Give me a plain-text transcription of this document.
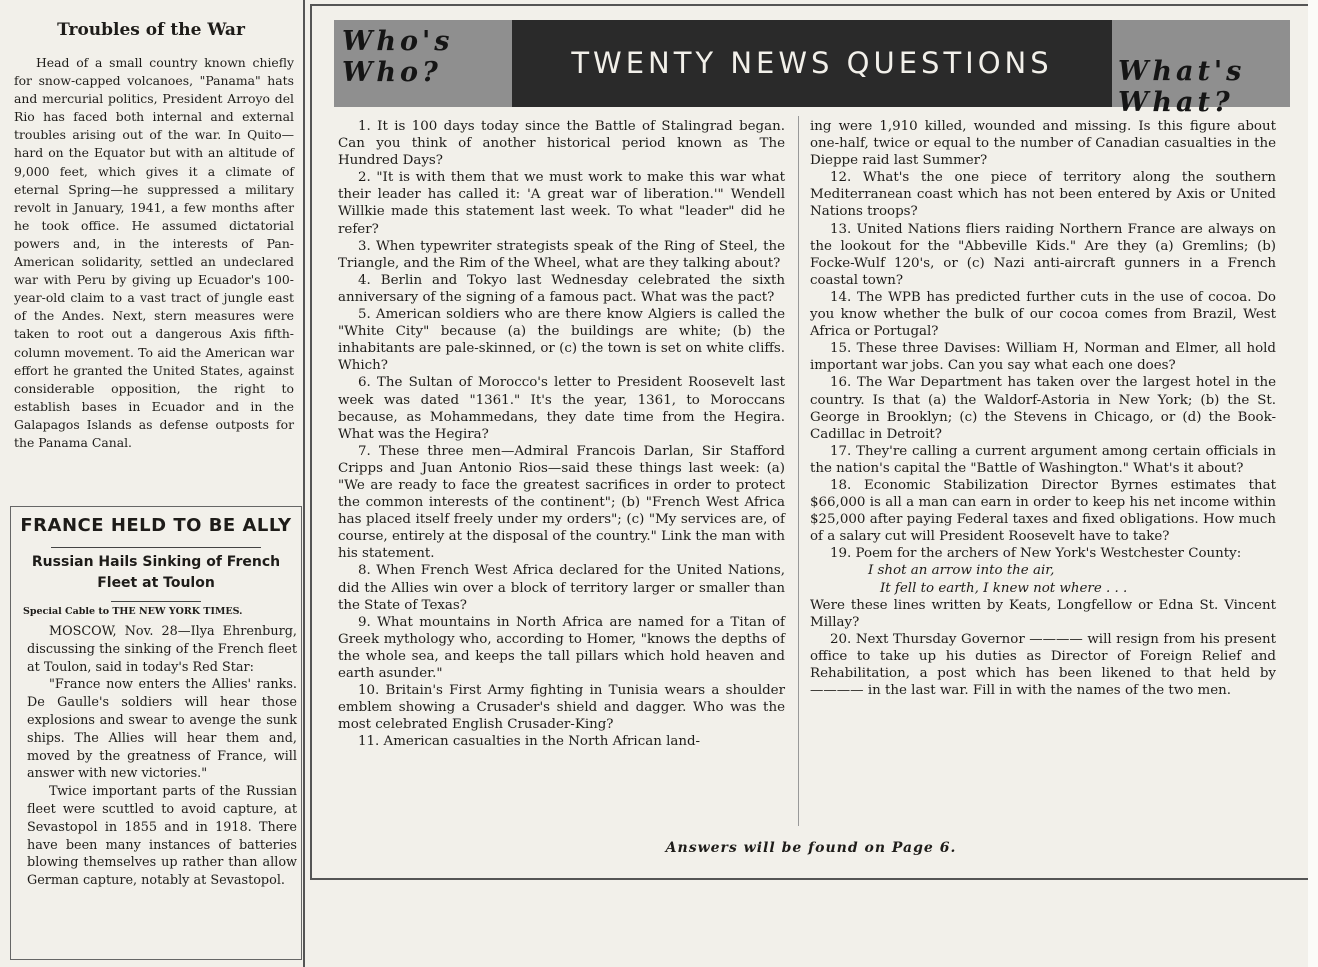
Troubles of the War
Head of a small country known chiefly for snow-capped volcanoes, "Panama" hats and mercurial politics, President Arroyo del Rio has faced both internal and external troubles arising out of the war. In Quito—hard on the Equator but with an altitude of 9,000 feet, which gives it a climate of eternal Spring—he suppressed a military revolt in January, 1941, a few months after he took office. He assumed dictatorial powers and, in the interests of Pan-American solidarity, settled an undeclared war with Peru by giving up Ecuador's 100-year-old claim to a vast tract of jungle east of the Andes. Next, stern measures were taken to root out a dangerous Axis fifth-column movement. To aid the American war effort he granted the United States, against considerable opposition, the right to establish bases in Ecuador and in the Galapagos Islands as defense outposts for the Panama Canal.
FRANCE HELD TO BE ALLY
Russian Hails Sinking of French Fleet at Toulon
Special Cable to THE NEW YORK TIMES.

MOSCOW, Nov. 28—Ilya Ehrenburg, discussing the sinking of the French fleet at Toulon, said in today's Red Star:

"France now enters the Allies' ranks. De Gaulle's soldiers will hear those explosions and swear to avenge the sunk ships. The Allies will hear them and, moved by the greatness of France, will answer with new victories."

Twice important parts of the Russian fleet were scuttled to avoid capture, at Sevastopol in 1855 and in 1918. There have been many instances of batteries blowing themselves up rather than allow German capture, notably at Sevastopol.

Who's Who?	TWENTY NEWS QUESTIONS	What's What?

1. It is 100 days today since the Battle of Stalingrad began. Can you think of another historical period known as The Hundred Days?

2. "It is with them that we must work to make this war what their leader has called it: 'A great war of liberation.'" Wendell Willkie made this statement last week. To what "leader" did he refer?

3. When typewriter strategists speak of the Ring of Steel, the Triangle, and the Rim of the Wheel, what are they talking about?

4. Berlin and Tokyo last Wednesday celebrated the sixth anniversary of the signing of a famous pact. What was the pact?

5. American soldiers who are there know Algiers is called the "White City" because (a) the buildings are white; (b) the inhabitants are pale-skinned, or (c) the town is set on white cliffs. Which?

6. The Sultan of Morocco's letter to President Roosevelt last week was dated "1361." It's the year, 1361, to Moroccans because, as Mohammedans, they date time from the Hegira. What was the Hegira?

7. These three men—Admiral Francois Darlan, Sir Stafford Cripps and Juan Antonio Rios—said these things last week: (a) "We are ready to face the greatest sacrifices in order to protect the common interests of the continent"; (b) "French West Africa has placed itself freely under my orders"; (c) "My services are, of course, entirely at the disposal of the country." Link the man with his statement.

8. When French West Africa declared for the United Nations, did the Allies win over a block of territory larger or smaller than the State of Texas?

9. What mountains in North Africa are named for a Titan of Greek mythology who, according to Homer, "knows the depths of the whole sea, and keeps the tall pillars which hold heaven and earth asunder."

10. Britain's First Army fighting in Tunisia wears a shoulder emblem showing a Crusader's shield and dagger. Who was the most celebrated English Crusader-King?

11. American casualties in the North African land-

ing were 1,910 killed, wounded and missing. Is this figure about one-half, twice or equal to the number of Canadian casualties in the Dieppe raid last Summer?

12. What's the one piece of territory along the southern Mediterranean coast which has not been entered by Axis or United Nations troops?

13. United Nations fliers raiding Northern France are always on the lookout for the "Abbeville Kids." Are they (a) Gremlins; (b) Focke-Wulf 120's, or (c) Nazi anti-aircraft gunners in a French coastal town?

14. The WPB has predicted further cuts in the use of cocoa. Do you know whether the bulk of our cocoa comes from Brazil, West Africa or Portugal?

15. These three Davises: William H, Norman and Elmer, all hold important war jobs. Can you say what each one does?

16. The War Department has taken over the largest hotel in the country. Is that (a) the Waldorf-Astoria in New York; (b) the St. George in Brooklyn; (c) the Stevens in Chicago, or (d) the Book-Cadillac in Detroit?

17. They're calling a current argument among certain officials in the nation's capital the "Battle of Washington." What's it about?

18. Economic Stabilization Director Byrnes estimates that $66,000 is all a man can earn in order to keep his net income within $25,000 after paying Federal taxes and fixed obligations. How much of a salary cut will President Roosevelt have to take?

19. Poem for the archers of New York's Westchester County:

I shot an arrow into the air,

It fell to earth, I knew not where . . .

Were these lines written by Keats, Longfellow or Edna St. Vincent Millay?

20. Next Thursday Governor ———— will resign from his present office to take up his duties as Director of Foreign Relief and Rehabilitation, a post which has been likened to that held by ———— in the last war. Fill in with the names of the two men.

Answers will be found on Page 6.
